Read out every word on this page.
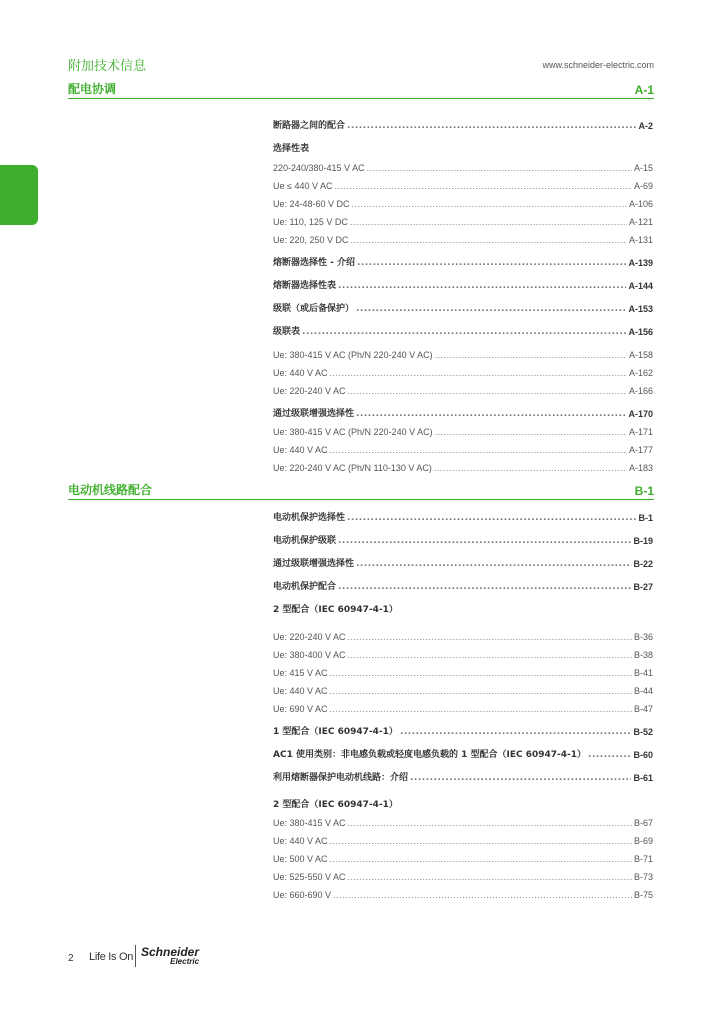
附加技术信息	www.schneider-electric.com
配电协调	A-1
断路器之间的配合 .....	A-2
选择性表
220-240/380-415 V AC .....	A-15
Ue ≤ 440 V AC .....	A-69
Ue: 24-48-60 V DC .....	A-106
Ue: 110, 125 V DC .....	A-121
Ue: 220, 250 V DC .....	A-131
熔断器选择性 - 介绍 .....	A-139
熔断器选择性表 .....	A-144
级联（或后备保护） .....	A-153
级联表 .....	A-156
Ue: 380-415 V AC (Ph/N 220-240 V AC) .....	A-158
Ue: 440 V AC .....	A-162
Ue: 220-240 V AC .....	A-166
通过级联增强选择性 .....	A-170
Ue: 380-415 V AC (Ph/N 220-240 V AC) .....	A-171
Ue: 440 V AC .....	A-177
Ue: 220-240 V AC (Ph/N 110-130 V AC) .....	A-183
电动机线路配合	B-1
电动机保护选择性 .....	B-1
电动机保护级联 .....	B-19
通过级联增强选择性 .....	B-22
电动机保护配合 .....	B-27
2 型配合（IEC 60947-4-1）
Ue: 220-240 V AC .....	B-36
Ue: 380-400 V AC .....	B-38
Ue: 415 V AC .....	B-41
Ue: 440 V AC .....	B-44
Ue: 690 V AC .....	B-47
1 型配合（IEC 60947-4-1） .....	B-52
AC1 使用类别：非电感负载或轻度电感负载的 1 型配合（IEC 60947-4-1） .....	B-60
利用熔断器保护电动机线路：介绍 .....	B-61
2 型配合（IEC 60947-4-1）
Ue: 380-415 V AC .....	B-67
Ue: 440 V AC .....	B-69
Ue: 500 V AC .....	B-71
Ue: 525-550 V AC .....	B-73
Ue: 660-690 V .....	B-75
2 Life Is On Schneider
Electric
